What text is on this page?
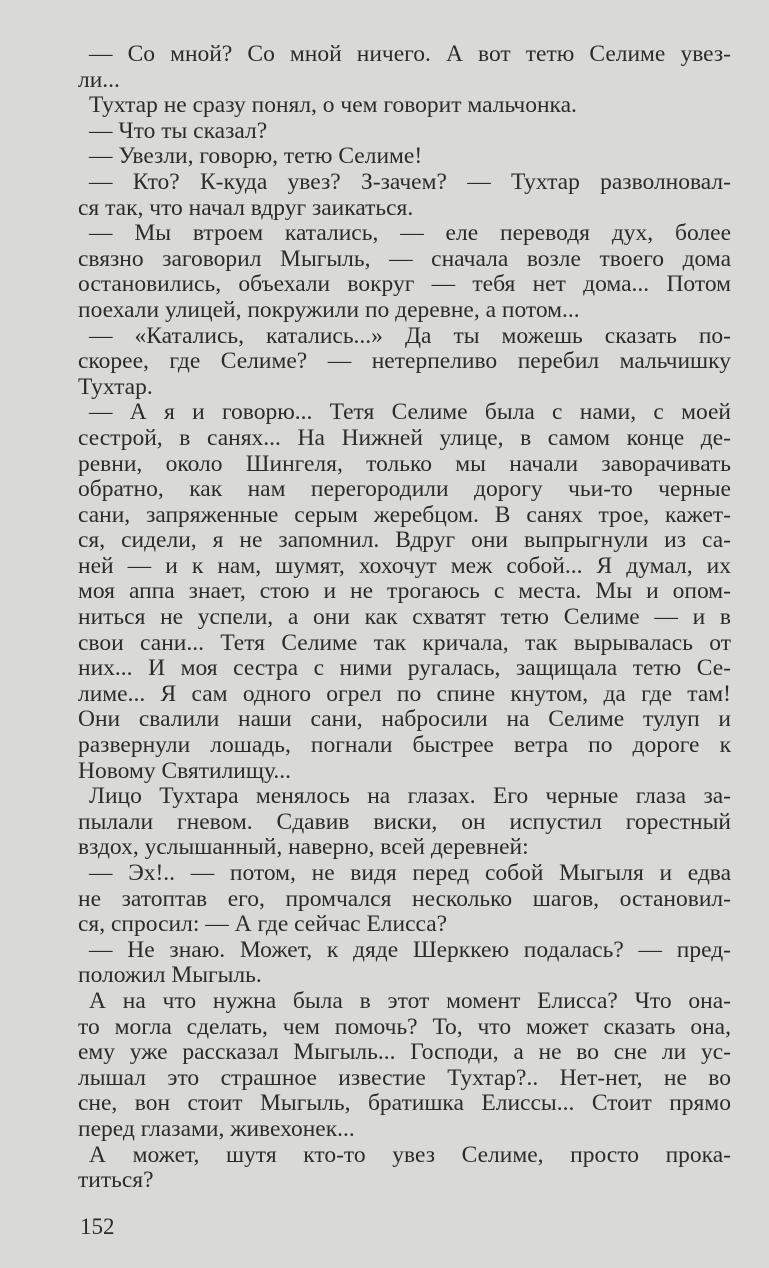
— Со мной? Со мной ничего. А вот тетю Селиме увез-
ли...
Тухтар не сразу понял, о чем говорит мальчонка.
— Что ты сказал?
— Увезли, говорю, тетю Селиме!
— Кто? К-куда увез? З-зачем? — Тухтар разволновал-
ся так, что начал вдруг заикаться.
— Мы втроем катались, — еле переводя дух, более
связно заговорил Мыгыль, — сначала возле твоего дома
остановились, объехали вокруг — тебя нет дома... Потом
поехали улицей, покружили по деревне, а потом...
— «Катались, катались...» Да ты можешь сказать по-
скорее, где Селиме? — нетерпеливо перебил мальчишку
Тухтар.
— А я и говорю... Тетя Селиме была с нами, с моей
сестрой, в санях... На Нижней улице, в самом конце де-
ревни, около Шингеля, только мы начали заворачивать
обратно, как нам перегородили дорогу чьи-то черные
сани, запряженные серым жеребцом. В санях трое, кажет-
ся, сидели, я не запомнил. Вдруг они выпрыгнули из са-
ней — и к нам, шумят, хохочут меж собой... Я думал, их
моя аппа знает, стою и не трогаюсь с места. Мы и опом-
ниться не успели, а они как схватят тетю Селиме — и в
свои сани... Тетя Селиме так кричала, так вырывалась от
них... И моя сестра с ними ругалась, защищала тетю Се-
лиме... Я сам одного огрел по спине кнутом, да где там!
Они свалили наши сани, набросили на Селиме тулуп и
развернули лошадь, погнали быстрее ветра по дороге к
Новому Святилищу...
Лицо Тухтара менялось на глазах. Его черные глаза за-
пылали гневом. Сдавив виски, он испустил горестный
вздох, услышанный, наверно, всей деревней:
— Эх!.. — потом, не видя перед собой Мыгыля и едва
не затоптав его, промчался несколько шагов, остановил-
ся, спросил: — А где сейчас Елисса?
— Не знаю. Может, к дяде Шерккею подалась? — пред-
положил Мыгыль.
А на что нужна была в этот момент Елисса? Что она-
то могла сделать, чем помочь? То, что может сказать она,
ему уже рассказал Мыгыль... Господи, а не во сне ли ус-
лышал это страшное известие Тухтар?.. Нет-нет, не во
сне, вон стоит Мыгыль, братишка Елиссы... Стоит прямо
перед глазами, живехонек...
А может, шутя кто-то увез Селиме, просто прока-
титься?
152
